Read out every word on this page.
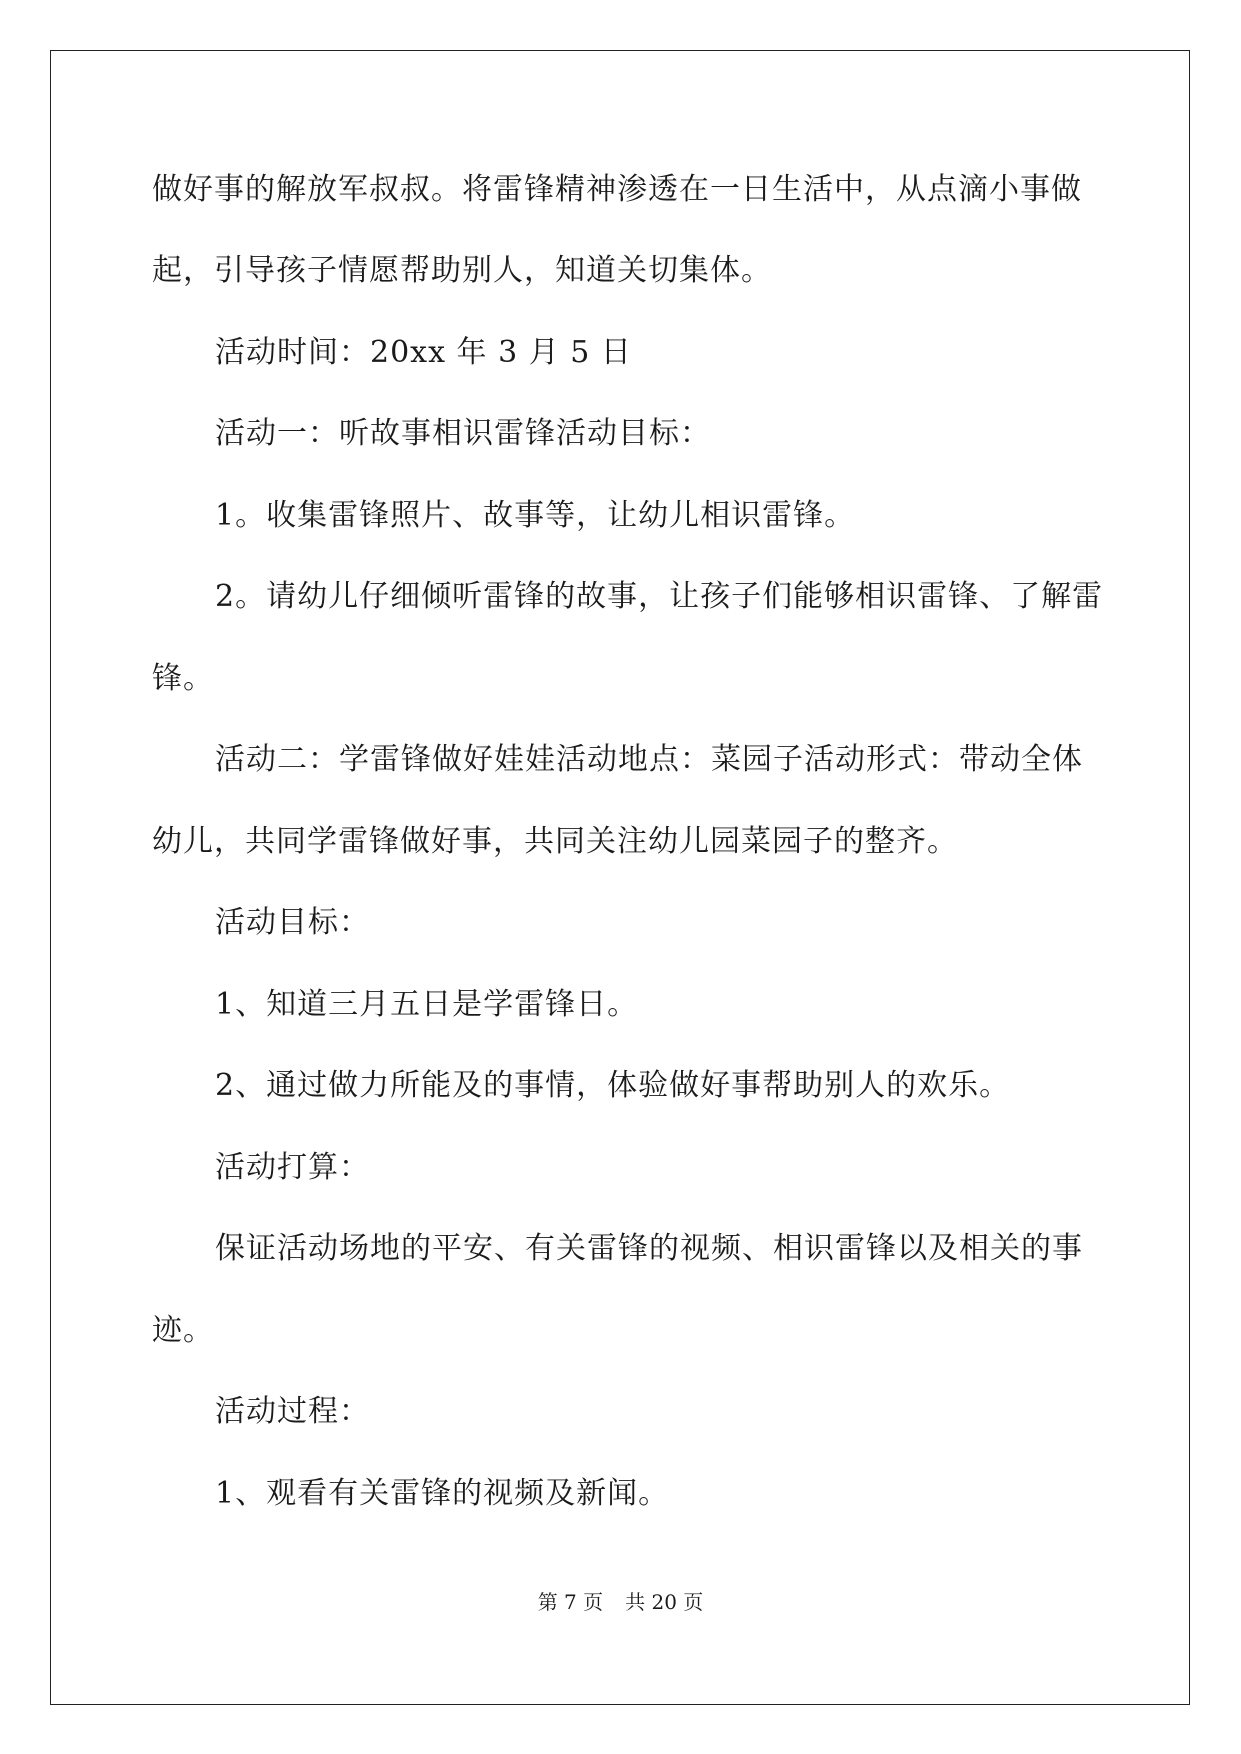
做好事的解放军叔叔。将雷锋精神渗透在一日生活中，从点滴小事做
起，引导孩子情愿帮助别人，知道关切集体。
活动时间：20xx 年 3 月 5 日
活动一：听故事相识雷锋活动目标：
1。收集雷锋照片、故事等，让幼儿相识雷锋。
2。请幼儿仔细倾听雷锋的故事，让孩子们能够相识雷锋、了解雷
锋。
活动二：学雷锋做好娃娃活动地点：菜园子活动形式：带动全体
幼儿，共同学雷锋做好事，共同关注幼儿园菜园子的整齐。
活动目标：
1、知道三月五日是学雷锋日。
2、通过做力所能及的事情，体验做好事帮助别人的欢乐。
活动打算：
保证活动场地的平安、有关雷锋的视频、相识雷锋以及相关的事
迹。
活动过程：
1、观看有关雷锋的视频及新闻。
第 7 页 共 20 页
